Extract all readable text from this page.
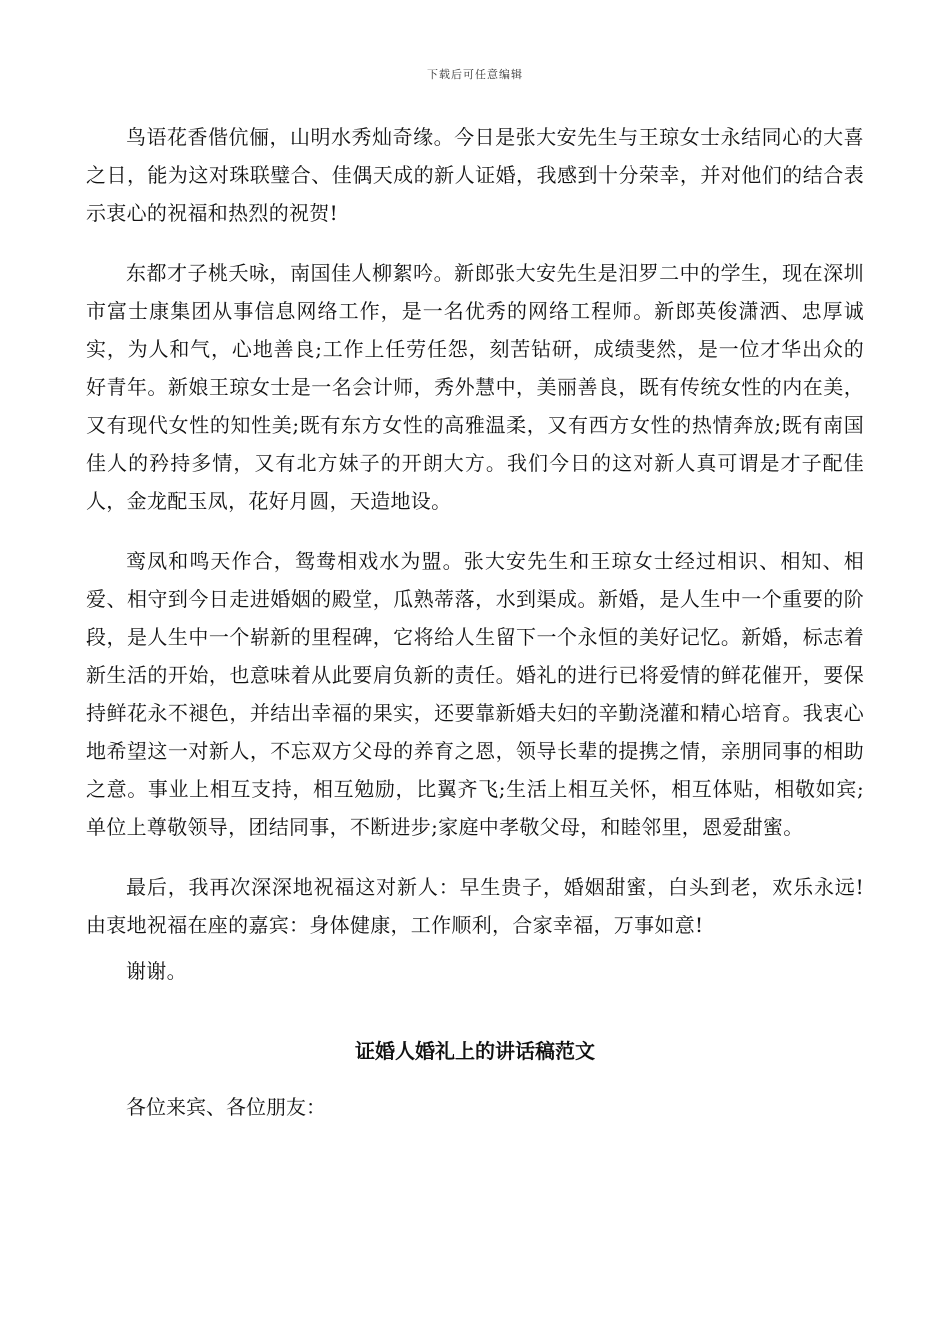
下载后可任意编辑

鸟语花香偕伉俪，山明水秀灿奇缘。今日是张大安先生与王琼女士永结同心的大喜之日，能为这对珠联璧合、佳偶天成的新人证婚，我感到十分荣幸，并对他们的结合表示衷心的祝福和热烈的祝贺!

东都才子桃夭咏，南国佳人柳絮吟。新郎张大安先生是汨罗二中的学生，现在深圳市富士康集团从事信息网络工作，是一名优秀的网络工程师。新郎英俊潇洒、忠厚诚实，为人和气，心地善良;工作上任劳任怨，刻苦钻研，成绩斐然，是一位才华出众的好青年。新娘王琼女士是一名会计师，秀外慧中，美丽善良，既有传统女性的内在美，又有现代女性的知性美;既有东方女性的高雅温柔，又有西方女性的热情奔放;既有南国佳人的矜持多情，又有北方妹子的开朗大方。我们今日的这对新人真可谓是才子配佳人，金龙配玉凤，花好月圆，天造地设。

鸾凤和鸣天作合，鸳鸯相戏水为盟。张大安先生和王琼女士经过相识、相知、相爱、相守到今日走进婚姻的殿堂，瓜熟蒂落，水到渠成。新婚，是人生中一个重要的阶段，是人生中一个崭新的里程碑，它将给人生留下一个永恒的美好记忆。新婚，标志着新生活的开始，也意味着从此要肩负新的责任。婚礼的进行已将爱情的鲜花催开，要保持鲜花永不褪色，并结出幸福的果实，还要靠新婚夫妇的辛勤浇灌和精心培育。我衷心地希望这一对新人，不忘双方父母的养育之恩，领导长辈的提携之情，亲朋同事的相助之意。事业上相互支持，相互勉励，比翼齐飞;生活上相互关怀，相互体贴，相敬如宾;单位上尊敬领导，团结同事，不断进步;家庭中孝敬父母，和睦邻里，恩爱甜蜜。

最后，我再次深深地祝福这对新人：早生贵子，婚姻甜蜜，白头到老，欢乐永远!由衷地祝福在座的嘉宾：身体健康，工作顺利，合家幸福，万事如意!

谢谢。

证婚人婚礼上的讲话稿范文

各位来宾、各位朋友：
